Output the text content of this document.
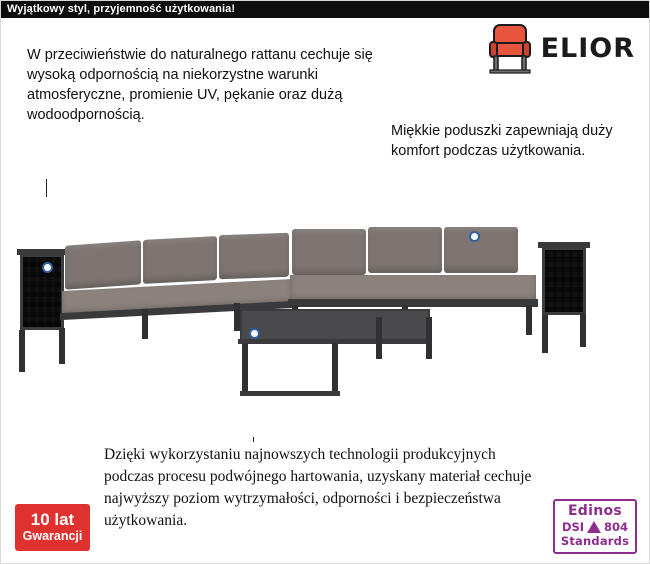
Wyjątkowy styl, przyjemność użytkowania!
ELIOR
W przeciwieństwie do naturalnego rattanu cechuje się wysoką odpornością na niekorzystne warunki atmosferyczne, promienie UV, pękanie oraz dużą wodoodpornością.
Miękkie poduszki zapewniają duży komfort podczas użytkowania.
Dzięki wykorzystaniu najnowszych technologii produkcyjnych podczas procesu podwójnego hartowania, uzyskany materiał cechuje najwyższy poziom wytrzymałości, odporności i bezpieczeństwa użytkowania.
10 lat
Gwarancji
Edinos
DSI 804
Standards
